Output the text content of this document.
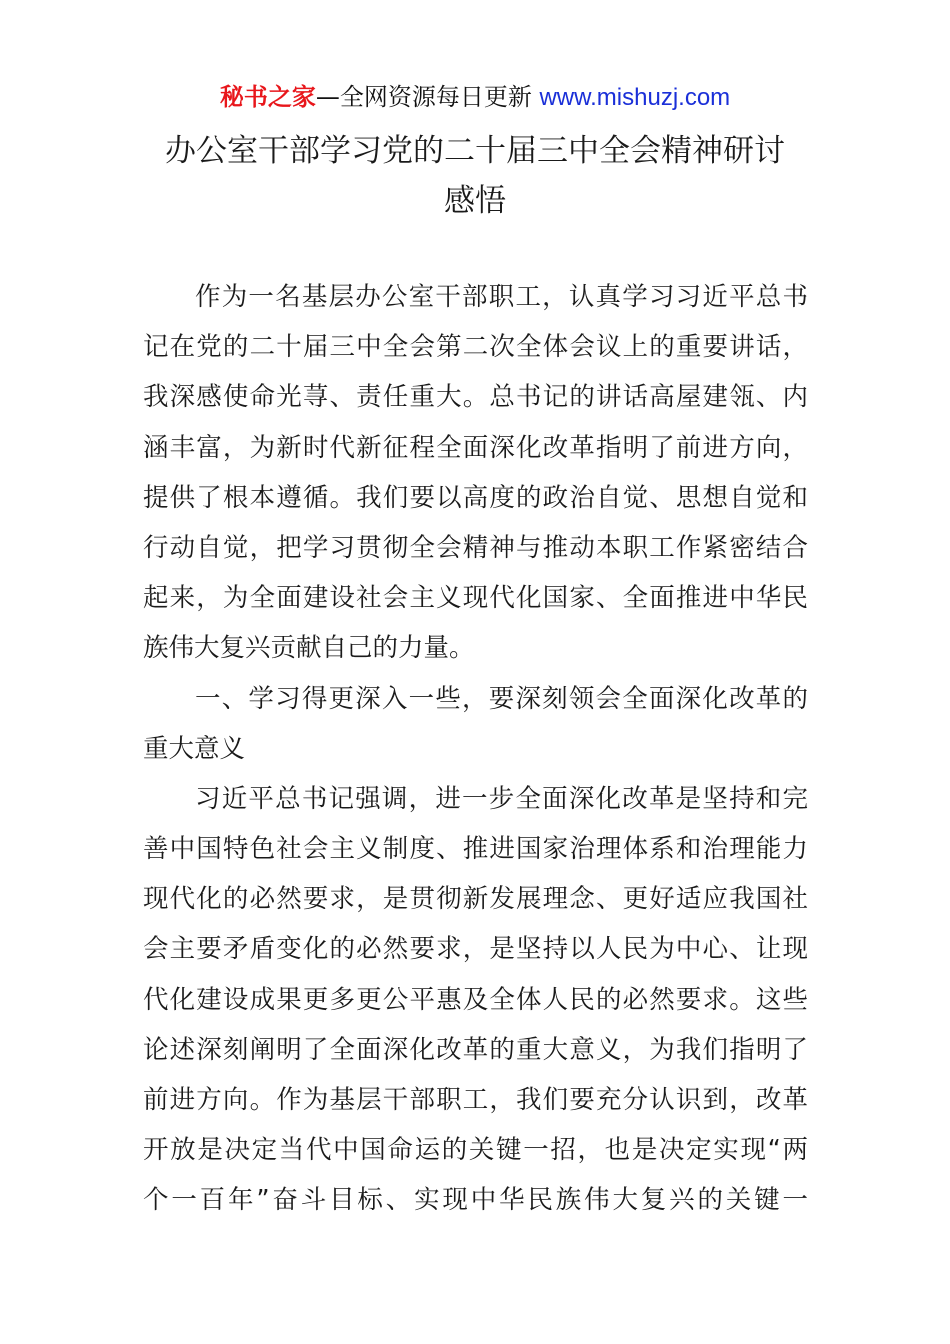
秘书之家—全网资源每日更新 www.mishuzj.com
办公室干部学习党的二十届三中全会精神研讨
感悟
作为一名基层办公室干部职工，认真学习习近平总书
记在党的二十届三中全会第二次全体会议上的重要讲话，
我深感使命光荨、责任重大。总书记的讲话高屋建瓴、内
涵丰富，为新时代新征程全面深化改革指明了前进方向，
提供了根本遵循。我们要以高度的政治自觉、思想自觉和
行动自觉，把学习贯彻全会精神与推动本职工作紧密结合
起来，为全面建设社会主义现代化国家、全面推进中华民
族伟大复兴贡献自己的力量。
一、学习得更深入一些，要深刻领会全面深化改革的
重大意义
习近平总书记强调，进一步全面深化改革是坚持和完
善中国特色社会主义制度、推进国家治理体系和治理能力
现代化的必然要求，是贯彻新发展理念、更好适应我国社
会主要矛盾变化的必然要求，是坚持以人民为中心、让现
代化建设成果更多更公平惠及全体人民的必然要求。这些
论述深刻阐明了全面深化改革的重大意义，为我们指明了
前进方向。作为基层干部职工，我们要充分认识到，改革
开放是决定当代中国命运的关键一招，也是决定实现“两
个一百年”奋斗目标、实现中华民族伟大复兴的关键一
